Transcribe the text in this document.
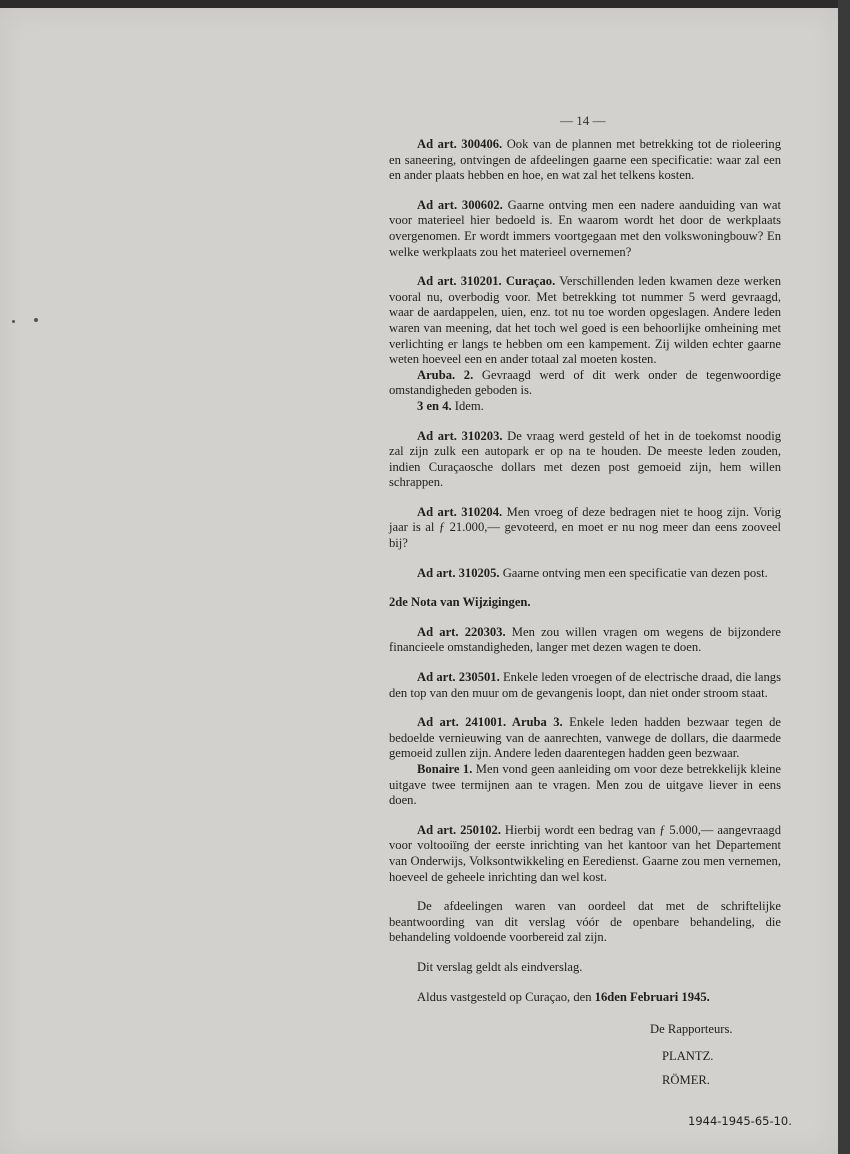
— 14 —

Ad art. 300406. Ook van de plannen met betrekking tot de rioleering en saneering, ontvingen de afdeelingen gaarne een specificatie: waar zal een en ander plaats hebben en hoe, en wat zal het telkens kosten.

Ad art. 300602. Gaarne ontving men een nadere aanduiding van wat voor materieel hier bedoeld is. En waarom wordt het door de werkplaats overgenomen. Er wordt immers voortgegaan met den volkswoningbouw? En welke werkplaats zou het materieel overnemen?

Ad art. 310201. Curaçao. Verschillenden leden kwamen deze werken vooral nu, overbodig voor. Met betrekking tot nummer 5 werd gevraagd, waar de aardappelen, uien, enz. tot nu toe worden opgeslagen. Andere leden waren van meening, dat het toch wel goed is een behoorlijke omheining met verlichting er langs te hebben om een kampement. Zij wilden echter gaarne weten hoeveel een en ander totaal zal moeten kosten.

Aruba. 2. Gevraagd werd of dit werk onder de tegenwoordige omstandigheden geboden is.

3 en 4. Idem.

Ad art. 310203. De vraag werd gesteld of het in de toekomst noodig zal zijn zulk een autopark er op na te houden. De meeste leden zouden, indien Curaçaosche dollars met dezen post gemoeid zijn, hem willen schrappen.

Ad art. 310204. Men vroeg of deze bedragen niet te hoog zijn. Vorig jaar is al ƒ 21.000,— gevoteerd, en moet er nu nog meer dan eens zooveel bij?

Ad art. 310205. Gaarne ontving men een specificatie van dezen post.

2de Nota van Wijzigingen.

Ad art. 220303. Men zou willen vragen om wegens de bijzondere financieele omstandigheden, langer met dezen wagen te doen.

Ad art. 230501. Enkele leden vroegen of de electrische draad, die langs den top van den muur om de gevangenis loopt, dan niet onder stroom staat.

Ad art. 241001. Aruba 3. Enkele leden hadden bezwaar tegen de bedoelde vernieuwing van de aanrechten, vanwege de dollars, die daarmede gemoeid zullen zijn. Andere leden daarentegen hadden geen bezwaar.

Bonaire 1. Men vond geen aanleiding om voor deze betrekkelijk kleine uitgave twee termijnen aan te vragen. Men zou de uitgave liever in eens doen.

Ad art. 250102. Hierbij wordt een bedrag van ƒ 5.000,— aangevraagd voor voltooiïng der eerste inrichting van het kantoor van het Departement van Onderwijs, Volksontwikkeling en Eeredienst. Gaarne zou men vernemen, hoeveel de geheele inrichting dan wel kost.

De afdeelingen waren van oordeel dat met de schriftelijke beantwoording van dit verslag vóór de openbare behandeling, die behandeling voldoende voorbereid zal zijn.

Dit verslag geldt als eindverslag.

Aldus vastgesteld op Curaçao, den 16den Februari 1945.

De Rapporteurs.
PLANTZ.
RÖMER.
1944-1945-65-10.
